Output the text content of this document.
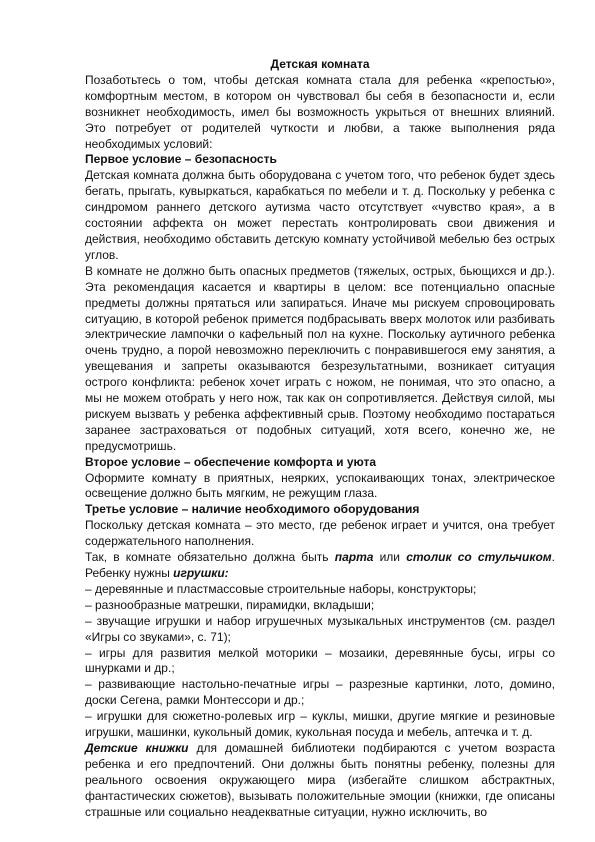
Детская комната

Позаботьтесь о том, чтобы детская комната стала для ребенка «крепостью», комфортным местом, в котором он чувствовал бы себя в безопасности и, если возникнет необходимость, имел бы возможность укрыться от внешних влияний. Это потребует от родителей чуткости и любви, а также выполнения ряда необходимых условий:

Первое условие – безопасность

Детская комната должна быть оборудована с учетом того, что ребенок будет здесь бегать, прыгать, кувыркаться, карабкаться по мебели и т. д. Поскольку у ребенка с синдромом раннего детского аутизма часто отсутствует «чувство края», а в состоянии аффекта он может перестать контролировать свои движения и действия, необходимо обставить детскую комнату устойчивой мебелью без острых углов.

В комнате не должно быть опасных предметов (тяжелых, острых, бьющихся и др.). Эта рекомендация касается и квартиры в целом: все потенциально опасные предметы должны прятаться или запираться. Иначе мы рискуем спровоцировать ситуацию, в которой ребенок примется подбрасывать вверх молоток или разбивать электрические лампочки о кафельный пол на кухне. Поскольку аутичного ребенка очень трудно, а порой невозможно переключить с понравившегося ему занятия, а увещевания и запреты оказываются безрезультатными, возникает ситуация острого конфликта: ребенок хочет играть с ножом, не понимая, что это опасно, а мы не можем отобрать у него нож, так как он сопротивляется. Действуя силой, мы рискуем вызвать у ребенка аффективный срыв. Поэтому необходимо постараться заранее застраховаться от подобных ситуаций, хотя всего, конечно же, не предусмотришь.

Второе условие – обеспечение комфорта и уюта

Оформите комнату в приятных, неярких, успокаивающих тонах, электрическое освещение должно быть мягким, не режущим глаза.

Третье условие – наличие необходимого оборудования

Поскольку детская комната – это место, где ребенок играет и учится, она требует содержательного наполнения.

Так, в комнате обязательно должна быть парта или столик со стульчиком. Ребенку нужны игрушки:

– деревянные и пластмассовые строительные наборы, конструкторы;

– разнообразные матрешки, пирамидки, вкладыши;

– звучащие игрушки и набор игрушечных музыкальных инструментов (см. раздел «Игры со звуками», с. 71);

– игры для развития мелкой моторики – мозаики, деревянные бусы, игры со шнурками и др.;

– развивающие настольно-печатные игры – разрезные картинки, лото, домино, доски Сегена, рамки Монтессори и др.;

– игрушки для сюжетно-ролевых игр – куклы, мишки, другие мягкие и резиновые игрушки, машинки, кукольный домик, кукольная посуда и мебель, аптечка и т. д.

Детские книжки для домашней библиотеки подбираются с учетом возраста ребенка и его предпочтений. Они должны быть понятны ребенку, полезны для реального освоения окружающего мира (избегайте слишком абстрактных, фантастических сюжетов), вызывать положительные эмоции (книжки, где описаны страшные или социально неадекватные ситуации, нужно исключить, во
